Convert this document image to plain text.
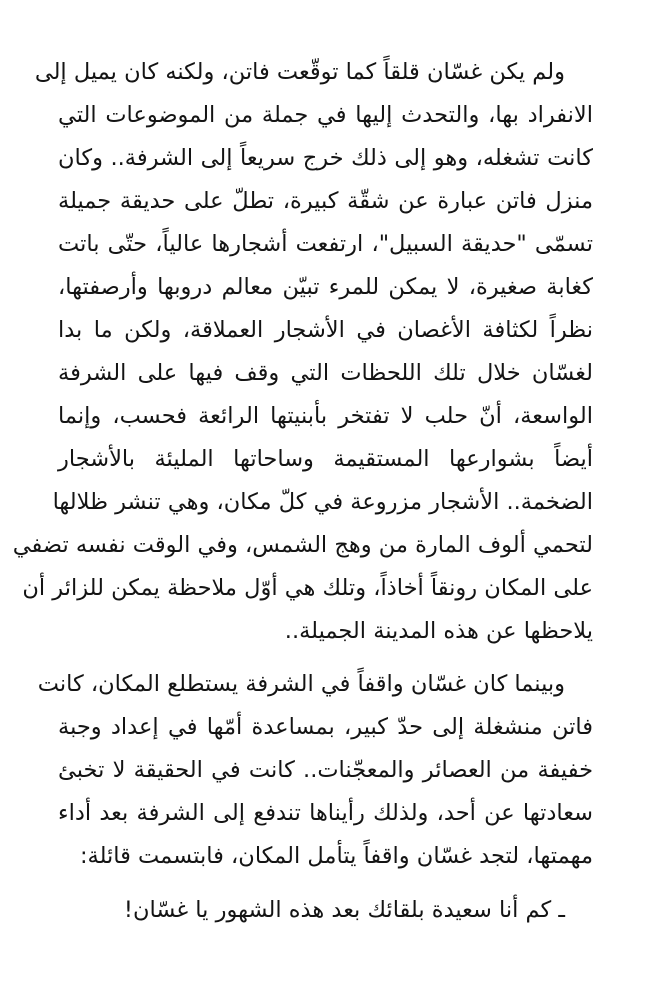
ولم يكن غسّان قلقاً كما توقّعت فاتن، ولكنه كان يميل إلى
الانفراد بها، والتحدث إليها في جملة من الموضوعات التي
كانت تشغله، وهو إلى ذلك خرج سريعاً إلى الشرفة.. وكان
منزل فاتن عبارة عن شقّة كبيرة، تطلّ على حديقة جميلة
تسمّى "حديقة السبيل"، ارتفعت أشجارها عالياً، حتّى باتت
كغابة صغيرة، لا يمكن للمرء تبيّن معالم دروبها وأرصفتها،
نظراً لكثافة الأغصان في الأشجار العملاقة، ولكن ما بدا
لغسّان خلال تلك اللحظات التي وقف فيها على الشرفة
الواسعة، أنّ حلب لا تفتخر بأبنيتها الرائعة فحسب، وإنما
أيضاً بشوارعها المستقيمة وساحاتها المليئة بالأشجار
الضخمة.. الأشجار مزروعة في كلّ مكان، وهي تنشر ظلالها
لتحمي ألوف المارة من وهج الشمس، وفي الوقت نفسه تضفي
على المكان رونقاً أخاذاً، وتلك هي أوّل ملاحظة يمكن للزائر أن
يلاحظها عن هذه المدينة الجميلة..
وبينما كان غسّان واقفاً في الشرفة يستطلع المكان، كانت
فاتن منشغلة إلى حدّ كبير، بمساعدة أمّها في إعداد وجبة
خفيفة من العصائر والمعجّنات.. كانت في الحقيقة لا تخبئ
سعادتها عن أحد، ولذلك رأيناها تندفع إلى الشرفة بعد أداء
مهمتها، لتجد غسّان واقفاً يتأمل المكان، فابتسمت قائلة:
ـ كم أنا سعيدة بلقائك بعد هذه الشهور يا غسّان!
